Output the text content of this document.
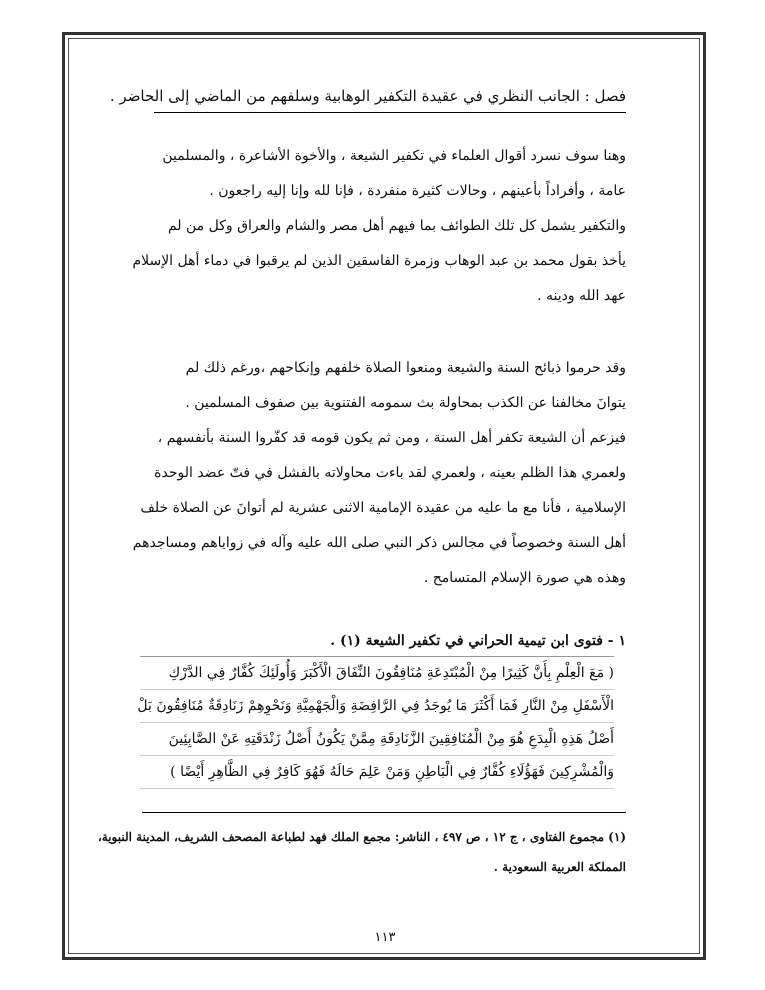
فصل : الجانب النظري في عقيدة التكفير الوهابية وسلفهم من الماضي إلى الحاضر .
وهنا سوف نسرد أقوال العلماء في تكفير الشيعة ، والأخوة الأشاعرة ، والمسلمين
عامة ، وأفراداً بأعينهم ، وحالات كثيرة منفردة ، فإنا لله وإنا إليه راجعون .
والتكفير يشمل كل تلك الطوائف بما فيهم أهل مصر والشام والعراق وكل من لم
يأخذ بقول محمد بن عبد الوهاب وزمرة الفاسقين الذين لم يرقبوا في دماء أهل الإسلام
عهد الله ودينه .
وقد حرموا ذبائح السنة والشيعة ومنعوا الصلاة خلفهم وإنكاحهم ،ورغم ذلك لم
يتوانَ مخالفنا عن الكذب بمحاولة بث سمومه الفتنوية بين صفوف المسلمين .
فيزعم أن الشيعة تكفر أهل السنة ، ومن ثم يكون قومه قد كفّروا السنة بأنفسهم ،
ولعمري هذا الظلم بعينه ، ولعمري لقد باءت محاولاته بالفشل في فتّ عضد الوحدة
الإسلامية ، فأنا مع ما عليه من عقيدة الإمامية الاثنى عشرية لم أتوانَ عن الصلاة خلف
أهل السنة وخصوصاً في مجالس ذكر النبي صلى الله عليه وآله في زواياهم ومساجدهم
وهذه هي صورة الإسلام المتسامح .
١ - فتوى ابن تيمية الحراني في تكفير الشيعة (١) .
( مَعَ الْعِلْمِ بِأَنَّ كَثِيرًا مِنْ الْمُبْتَدِعَةِ مُنَافِقُونَ النِّفَاقَ الْأَكْبَرَ وَأُولَئِكَ كُفَّارٌ فِي الدَّرْكِ
الْأَسْفَلِ مِنْ النَّارِ فَمَا أَكْثَرَ مَا يُوجَدُ فِي الرَّافِضَةِ وَالْجَهْمِيَّةِ وَنَحْوِهِمْ زَنَادِقَةٌ مُنَافِقُونَ بَلْ
أَصْلُ هَذِهِ الْبِدَعِ هُوَ مِنْ الْمُنَافِقِينَ الزَّنَادِقَةِ مِمَّنْ يَكُونُ أَصْلُ زَنْدَقَتِهِ عَنْ الصَّابِئِينَ
وَالْمُشْرِكِينَ فَهَؤُلَاءِ كُفَّارٌ فِي الْبَاطِنِ وَمَنْ عَلِمَ حَالَهُ فَهُوَ كَافِرٌ فِي الظَّاهِرِ أَيْضًا )
(١) مجموع الفتاوى ، ج ١٢ ، ص ٤٩٧ ، الناشر: مجمع الملك فهد لطباعة المصحف الشريف، المدينة النبوية،
المملكة العربية السعودية .
١١٣
